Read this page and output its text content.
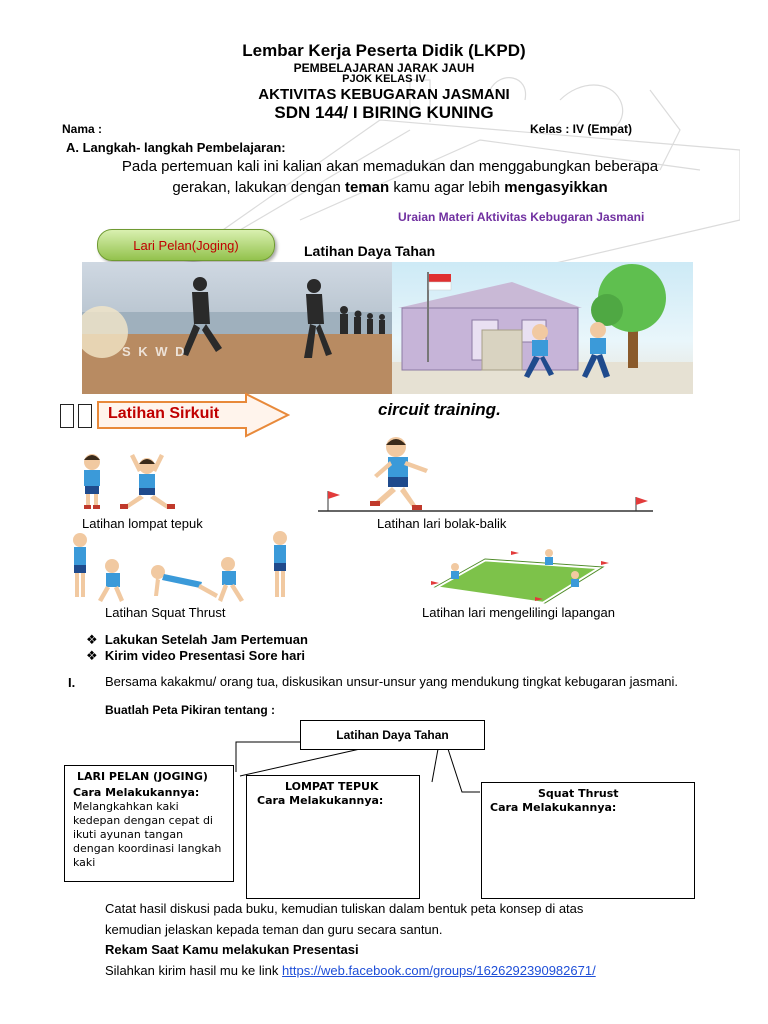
Lembar Kerja Peserta Didik (LKPD)
PEMBELAJARAN JARAK JAUH
PJOK KELAS IV
AKTIVITAS KEBUGARAN JASMANI
SDN 144/ I BIRING KUNING
Nama :	Kelas : IV (Empat)
A. Langkah- langkah Pembelajaran:
Pada pertemuan kali ini kalian akan memadukan dan menggabungkan beberapa
gerakan, lakukan dengan teman kamu agar lebih mengasyikkan
Uraian Materi Aktivitas Kebugaran Jasmani
Lari Pelan(Joging)	Latihan Daya Tahan
S K W D
Latihan Sirkuit	circuit training.
Latihan lompat tepuk	Latihan lari bolak-balik
Latihan Squat Thrust	Latihan lari mengelilingi lapangan
❖ Lakukan Setelah Jam Pertemuan
❖ Kirim video Presentasi Sore hari
I. Bersama kakakmu/ orang tua, diskusikan unsur-unsur yang mendukung tingkat kebugaran jasmani.
Buatlah Peta Pikiran tentang :
Latihan Daya Tahan
LARI PELAN (JOGING)
Cara Melakukannya:
Melangkahkan kaki kedepan dengan cepat di ikuti ayunan tangan dengan koordinasi langkah kaki
LOMPAT TEPUK
Cara Melakukannya:
Squat Thrust
Cara Melakukannya:
Catat hasil diskusi pada buku, kemudian tuliskan dalam bentuk peta konsep di atas
kemudian jelaskan kepada teman dan guru secara santun.
Rekam Saat Kamu melakukan Presentasi
Silahkan kirim hasil mu ke link https://web.facebook.com/groups/1626292390982671/
